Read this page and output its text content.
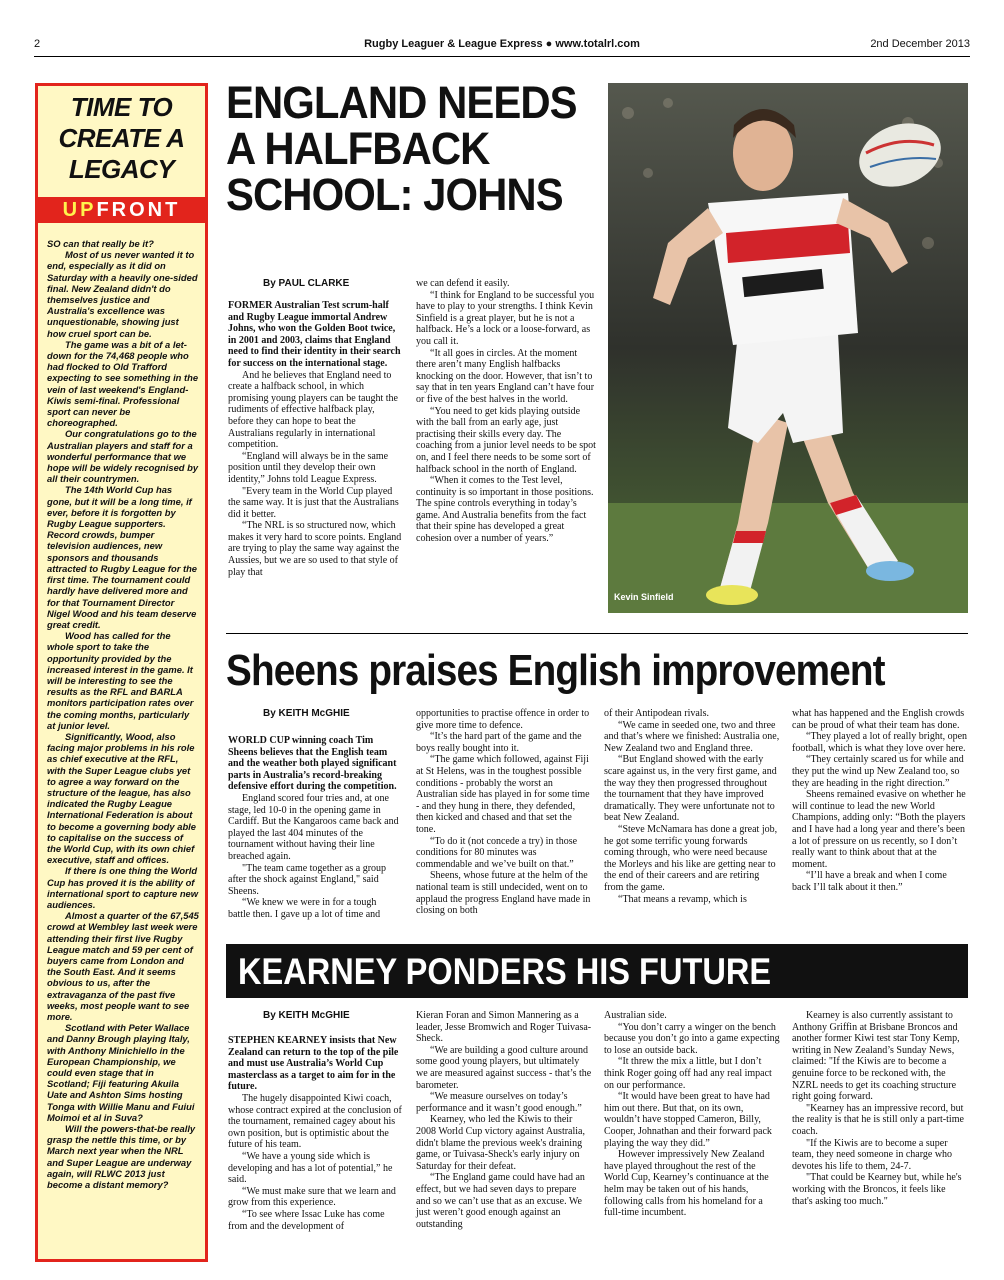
2	Rugby Leaguer & League Express ● www.totalrl.com	2nd December 2013
TIME TO CREATE A LEGACY
UPFRONT

SO can that really be it?

Most of us never wanted it to end, especially as it did on Saturday with a heavily one-sided final. New Zealand didn't do themselves justice and Australia's excellence was unquestionable, showing just how cruel sport can be.

The game was a bit of a let-down for the 74,468 people who had flocked to Old Trafford expecting to see something in the vein of last weekend's England-Kiwis semi-final. Professional sport can never be choreographed.

Our congratulations go to the Australian players and staff for a wonderful performance that we hope will be widely recognised by all their countrymen.

The 14th World Cup has gone, but it will be a long time, if ever, before it is forgotten by Rugby League supporters. Record crowds, bumper television audiences, new sponsors and thousands attracted to Rugby League for the first time. The tournament could hardly have delivered more and for that Tournament Director Nigel Wood and his team deserve great credit.

Wood has called for the whole sport to take the opportunity provided by the increased interest in the game. It will be interesting to see the results as the RFL and BARLA monitors participation rates over the coming months, particularly at junior level.

Significantly, Wood, also facing major problems in his role as chief executive at the RFL, with the Super League clubs yet to agree a way forward on the structure of the league, has also indicated the Rugby League International Federation is about to become a governing body able to capitalise on the success of the World Cup, with its own chief executive, staff and offices.

If there is one thing the World Cup has proved it is the ability of international sport to capture new audiences.

Almost a quarter of the 67,545 crowd at Wembley last week were attending their first live Rugby League match and 59 per cent of buyers came from London and the South East. And it seems obvious to us, after the extravaganza of the past five weeks, most people want to see more.

Scotland with Peter Wallace and Danny Brough playing Italy, with Anthony Minichiello in the European Championship, we could even stage that in Scotland; Fiji featuring Akuila Uate and Ashton Sims hosting Tonga with Willie Manu and Fuiui Moimoi et al in Suva?

Will the powers-that-be really grasp the nettle this time, or by March next year when the NRL and Super League are underway again, will RLWC 2013 just become a distant memory?

ENGLAND NEEDS A HALFBACK SCHOOL: JOHNS
Kevin Sinfield
By PAUL CLARKE

FORMER Australian Test scrum-half and Rugby League immortal Andrew Johns, who won the Golden Boot twice, in 2001 and 2003, claims that England need to find their identity in their search for success on the international stage.

And he believes that England need to create a halfback school, in which promising young players can be taught the rudiments of effective halfback play, before they can hope to beat the Australians regularly in international competition.

“England will always be in the same position until they develop their own identity,” Johns told League Express.

"Every team in the World Cup played the same way. It is just that the Australians did it better.

“The NRL is so structured now, which makes it very hard to score points. England are trying to play the same way against the Aussies, but we are so used to that style of play that

we can defend it easily.

“I think for England to be successful you have to play to your strengths. I think Kevin Sinfield is a great player, but he is not a halfback. He’s a lock or a loose-forward, as you call it.

“It all goes in circles. At the moment there aren’t many English halfbacks knocking on the door. However, that isn’t to say that in ten years England can’t have four or five of the best halves in the world.

“You need to get kids playing outside with the ball from an early age, just practising their skills every day. The coaching from a junior level needs to be spot on, and I feel there needs to be some sort of halfback school in the north of England.

“When it comes to the Test level, continuity is so important in those positions. The spine controls everything in today’s game. And Australia benefits from the fact that their spine has developed a great cohesion over a number of years.”

Sheens praises English improvement
By KEITH McGHIE

WORLD CUP winning coach Tim Sheens believes that the English team and the weather both played significant parts in Australia’s record-breaking defensive effort during the competition.

England scored four tries and, at one stage, led 10-0 in the opening game in Cardiff. But the Kangaroos came back and played the last 404 minutes of the tournament without having their line breached again.

"The team came together as a group after the shock against England," said Sheens.

“We knew we were in for a tough battle then. I gave up a lot of time and

opportunities to practise offence in order to give more time to defence.

“It’s the hard part of the game and the boys really bought into it.

“The game which followed, against Fiji at St Helens, was in the toughest possible conditions - probably the worst an Australian side has played in for some time - and they hung in there, they defended, then kicked and chased and that set the tone.

“To do it (not concede a try) in those conditions for 80 minutes was commendable and we’ve built on that.”

Sheens, whose future at the helm of the national team is still undecided, went on to applaud the progress England have made in closing on both

of their Antipodean rivals.

“We came in seeded one, two and three and that’s where we finished: Australia one, New Zealand two and England three.

“But England showed with the early scare against us, in the very first game, and the way they then progressed throughout the tournament that they have improved dramatically. They were unfortunate not to beat New Zealand.

“Steve McNamara has done a great job, he got some terrific young forwards coming through, who were need because the Morleys and his like are getting near to the end of their careers and are retiring from the game.

“That means a revamp, which is

what has happened and the English crowds can be proud of what their team has done.

“They played a lot of really bright, open football, which is what they love over here.

“They certainly scared us for while and they put the wind up New Zealand too, so they are heading in the right direction.”

Sheens remained evasive on whether he will continue to lead the new World Champions, adding only: “Both the players and I have had a long year and there’s been a lot of pressure on us recently, so I don’t really want to think about that at the moment.

“I’ll have a break and when I come back I’ll talk about it then.”

KEARNEY PONDERS HIS FUTURE
By KEITH McGHIE

STEPHEN KEARNEY insists that New Zealand can return to the top of the pile and must use Australia’s World Cup masterclass as a target to aim for in the future.

The hugely disappointed Kiwi coach, whose contract expired at the conclusion of the tournament, remained cagey about his own position, but is optimistic about the future of his team.

“We have a young side which is developing and has a lot of potential,” he said.

“We must make sure that we learn and grow from this experience.

“To see where Issac Luke has come from and the development of

Kieran Foran and Simon Mannering as a leader, Jesse Bromwich and Roger Tuivasa-Sheck.

“We are building a good culture around some good young players, but ultimately we are measured against success - that’s the barometer.

“We measure ourselves on today’s performance and it wasn’t good enough.”

Kearney, who led the Kiwis to their 2008 World Cup victory against Australia, didn't blame the previous week's draining game, or Tuivasa-Sheck's early injury on Saturday for their defeat.

“The England game could have had an effect, but we had seven days to prepare and so we can’t use that as an excuse. We just weren’t good enough against an outstanding

Australian side.

“You don’t carry a winger on the bench because you don’t go into a game expecting to lose an outside back.

“It threw the mix a little, but I don’t think Roger going off had any real impact on our performance.

“It would have been great to have had him out there. But that, on its own, wouldn’t have stopped Cameron, Billy, Cooper, Johnathan and their forward pack playing the way they did.”

However impressively New Zealand have played throughout the rest of the World Cup, Kearney’s continuance at the helm may be taken out of his hands, following calls from his homeland for a full-time incumbent.

Kearney is also currently assistant to Anthony Griffin at Brisbane Broncos and another former Kiwi test star Tony Kemp, writing in New Zealand’s Sunday News, claimed: "If the Kiwis are to become a genuine force to be reckoned with, the NZRL needs to get its coaching structure right going forward.

"Kearney has an impressive record, but the reality is that he is still only a part-time coach.

"If the Kiwis are to become a super team, they need someone in charge who devotes his life to them, 24-7.

"That could be Kearney but, while he's working with the Broncos, it feels like that's asking too much."
